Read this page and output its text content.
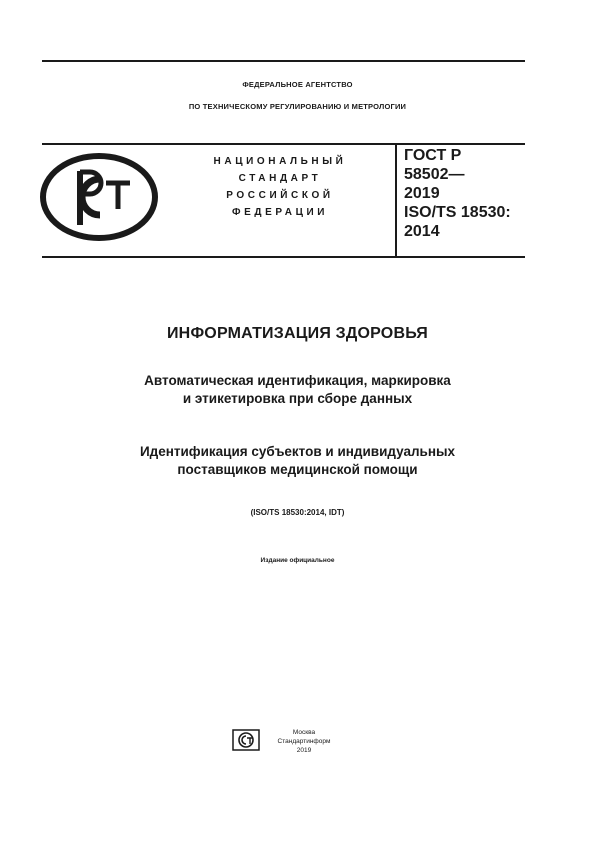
ФЕДЕРАЛЬНОЕ АГЕНТСТВО
ПО ТЕХНИЧЕСКОМУ РЕГУЛИРОВАНИЮ И МЕТРОЛОГИИ
НАЦИОНАЛЬНЫЙ
СТАНДАРТ
РОССИЙСКОЙ
ФЕДЕРАЦИИ
ГОСТ Р
58502—
2019
ISO/TS 18530:
2014
ИНФОРМАТИЗАЦИЯ ЗДОРОВЬЯ
Автоматическая идентификация, маркировка
и этикетировка при сборе данных
Идентификация субъектов и индивидуальных
поставщиков медицинской помощи
(ISO/TS 18530:2014, IDT)
Издание официальное
Москва
Стандартинформ
2019
